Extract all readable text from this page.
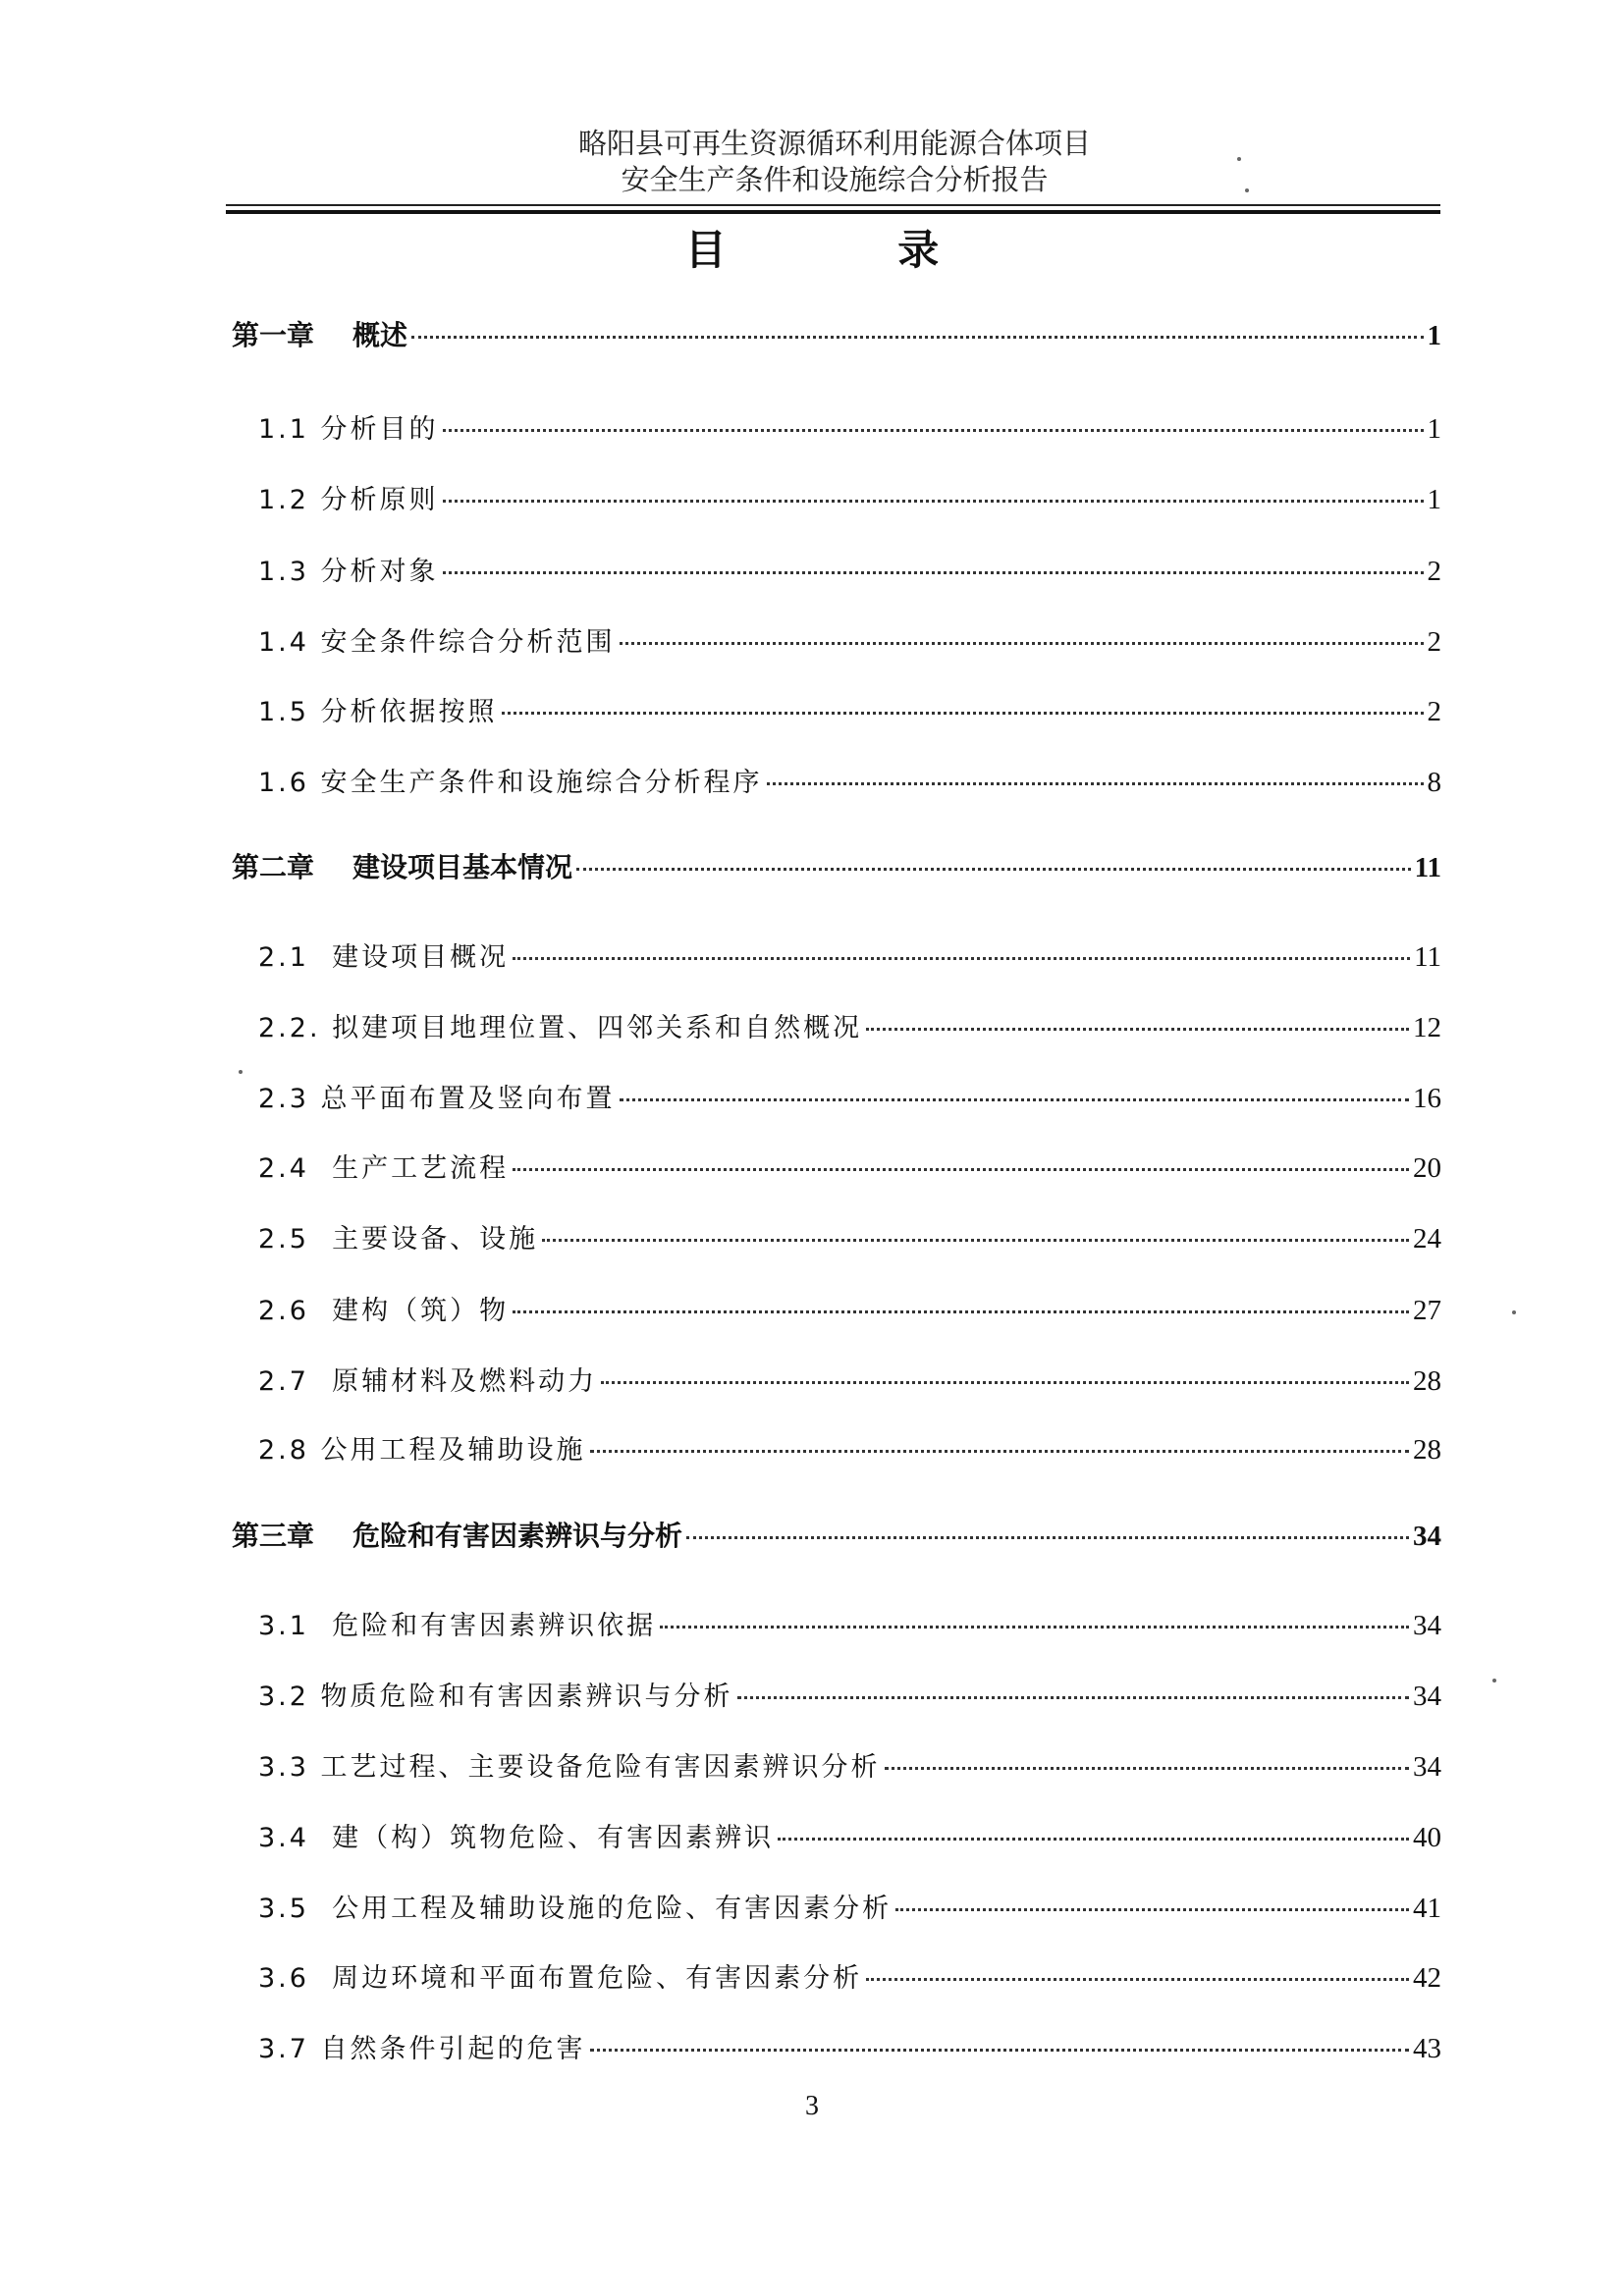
略阳县可再生资源循环利用能源合体项目
安全生产条件和设施综合分析报告
目 录
第一章    概述	1
1.1 分析目的	1
1.2 分析原则	1
1.3 分析对象	2
1.4 安全条件综合分析范围	2
1.5 分析依据按照	2
1.6 安全生产条件和设施综合分析程序	8
第二章    建设项目基本情况	11
2.1  建设项目概况	11
2.2. 拟建项目地理位置、四邻关系和自然概况	12
2.3 总平面布置及竖向布置	16
2.4  生产工艺流程	20
2.5  主要设备、设施	24
2.6  建构（筑）物	27
2.7  原辅材料及燃料动力	28
2.8 公用工程及辅助设施	28
第三章    危险和有害因素辨识与分析	34
3.1  危险和有害因素辨识依据	34
3.2 物质危险和有害因素辨识与分析	34
3.3 工艺过程、主要设备危险有害因素辨识分析	34
3.4  建（构）筑物危险、有害因素辨识	40
3.5  公用工程及辅助设施的危险、有害因素分析	41
3.6  周边环境和平面布置危险、有害因素分析	42
3.7 自然条件引起的危害	43
3
